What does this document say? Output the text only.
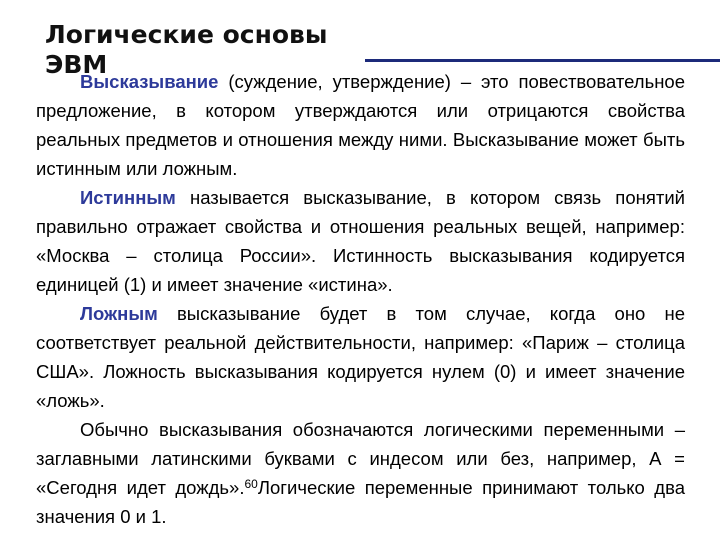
Логические основы ЭВМ

Высказывание (суждение, утверждение) – это повествовательное предложение, в котором утверждаются или отрицаются свойства реальных предметов и отношения между ними. Высказывание может быть истинным или ложным.

Истинным называется высказывание, в котором связь понятий правильно отражает свойства и отношения реальных вещей, например: «Москва – столица России». Истинность высказывания кодируется единицей (1) и имеет значение «истина».

Ложным высказывание будет в том случае, когда оно не соответствует реальной действительности, например: «Париж – столица США». Ложность высказывания кодируется нулем (0) и имеет значение «ложь».

Обычно высказывания обозначаются логическими переменными – заглавными латинскими буквами с индесом или без, например, А = «Сегодня идет дождь».$^{60}$Логические переменные принимают только два значения 0 и 1.
